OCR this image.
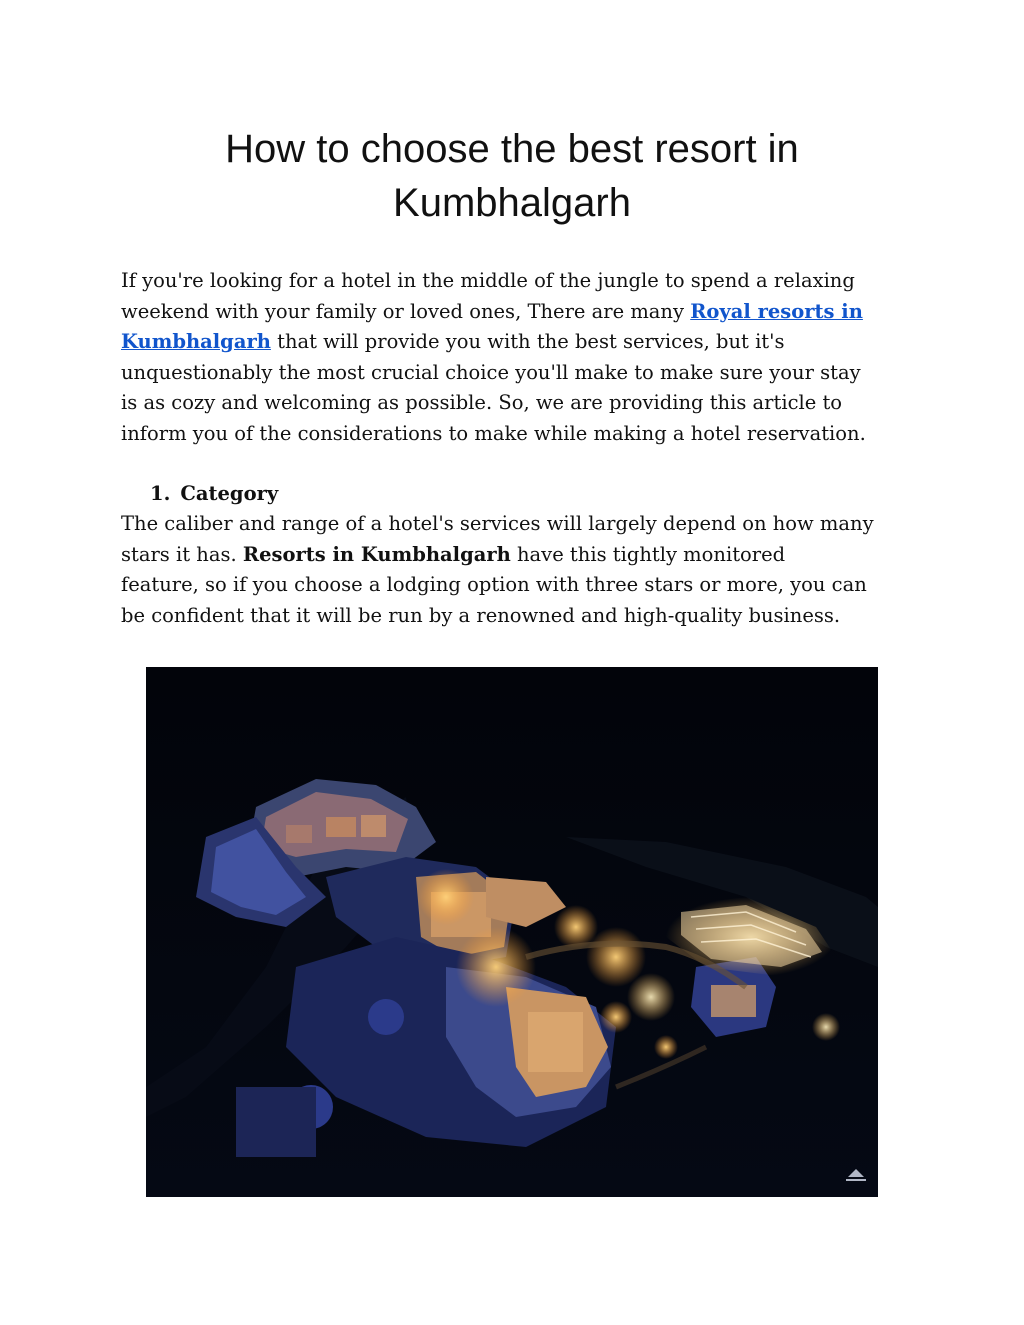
How to choose the best resort in
Kumbhalgarh

If you're looking for a hotel in the middle of the jungle to spend a relaxing
weekend with your family or loved ones, There are many Royal resorts in
Kumbhalgarh that will provide you with the best services, but it's
unquestionably the most crucial choice you'll make to make sure your stay
is as cozy and welcoming as possible. So, we are providing this article to
inform you of the considerations to make while making a hotel reservation.

1. Category

The caliber and range of a hotel's services will largely depend on how many
stars it has. Resorts in Kumbhalgarh have this tightly monitored
feature, so if you choose a lodging option with three stars or more, you can
be confident that it will be run by a renowned and high-quality business.
